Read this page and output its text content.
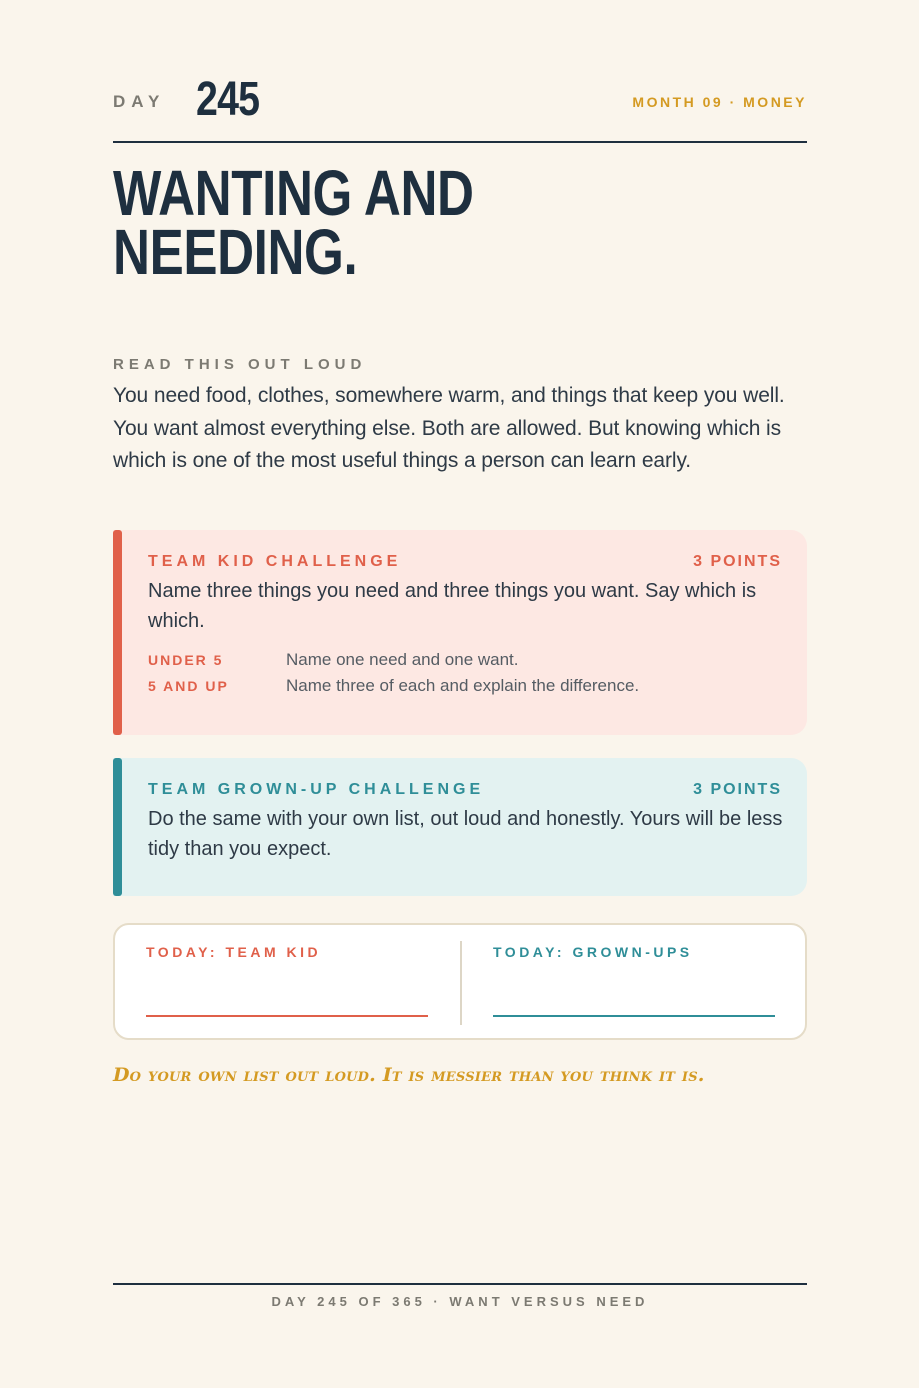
DAY 245	MONTH 09 · MONEY
WANTING AND
NEEDING.
READ THIS OUT LOUD

You need food, clothes, somewhere warm, and things that keep you well. You want almost everything else. Both are allowed. But knowing which is which is one of the most useful things a person can learn early.

TEAM KID CHALLENGE	3 POINTS

Name three things you need and three things you want. Say which is which.

UNDER 5	Name one need and one want.
5 AND UP	Name three of each and explain the difference.
TEAM GROWN-UP CHALLENGE	3 POINTS

Do the same with your own list, out loud and honestly. Yours will be less tidy than you expect.

TODAY: TEAM KID	TODAY: GROWN-UPS
Do your own list out loud. It is messier than you think it is.
DAY 245 OF 365 · WANT VERSUS NEED
